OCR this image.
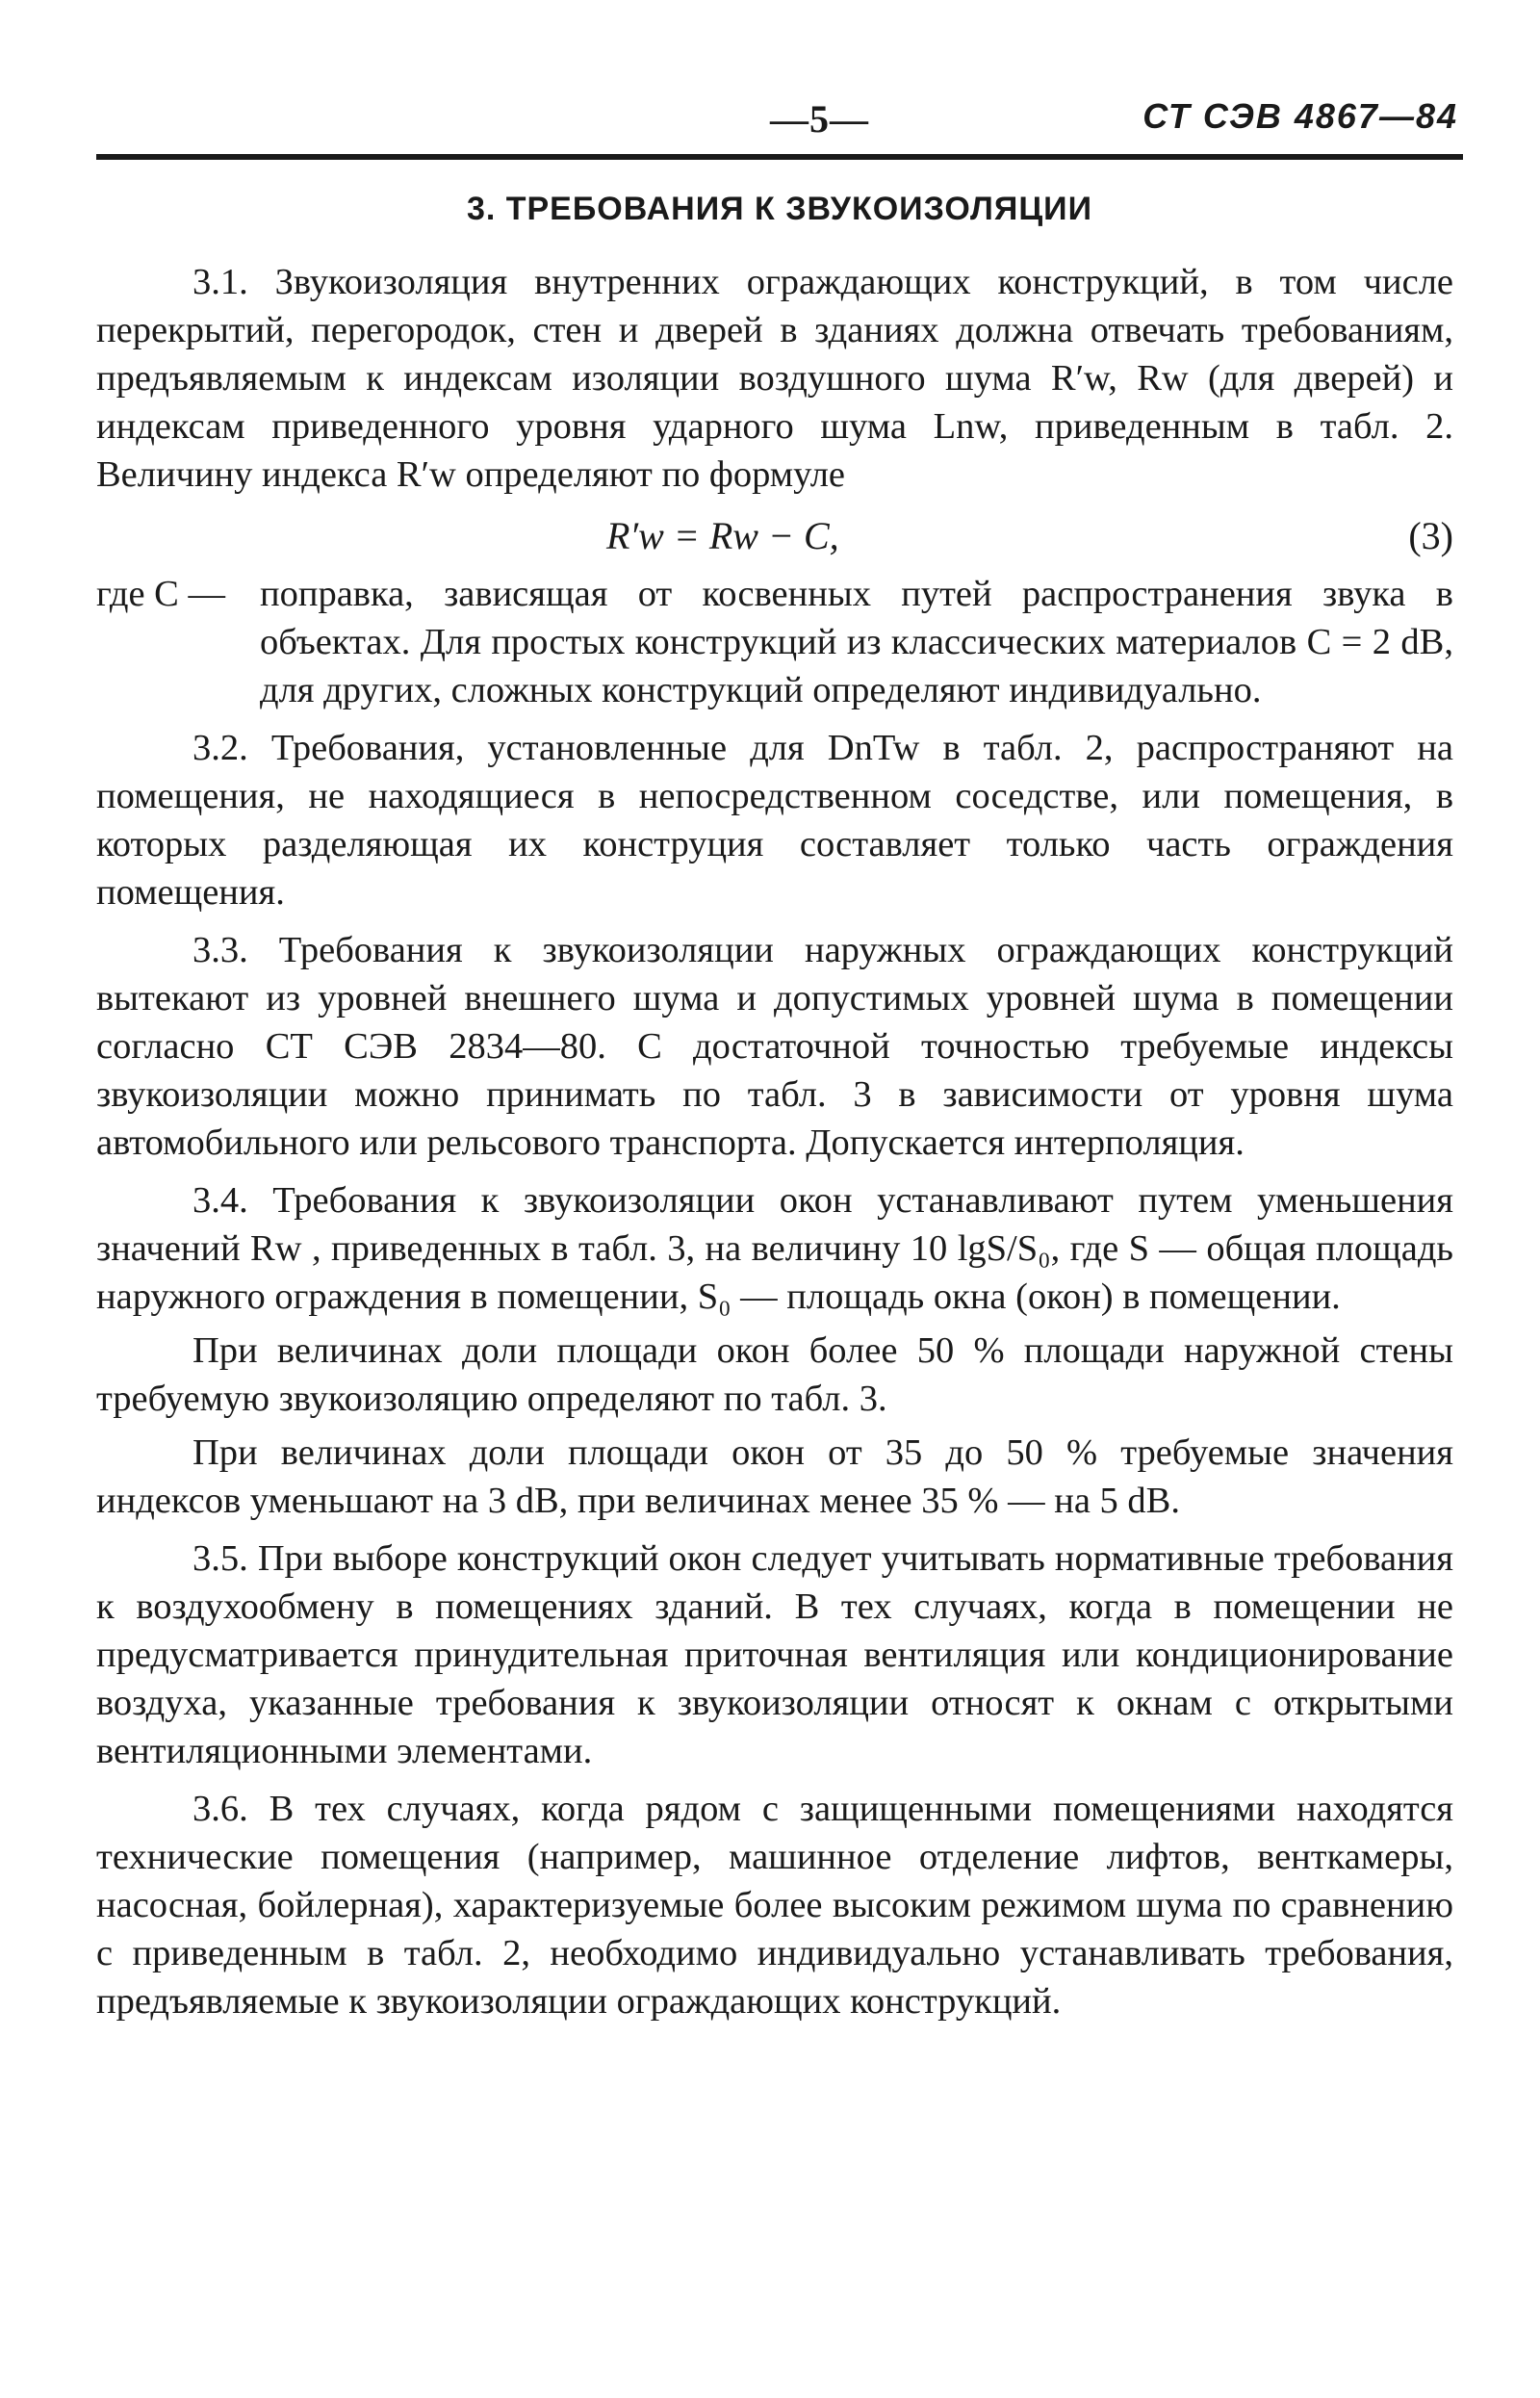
—5—	СТ СЭВ 4867—84
3. ТРЕБОВАНИЯ К ЗВУКОИЗОЛЯЦИИ

3.1. Звукоизоляция внутренних ограждающих конструкций, в том числе перекрытий, перегородок, стен и дверей в зданиях должна отвечать требованиям, предъявляемым к индексам изоляции воздушного шума R′w, Rw (для дверей) и индексам приведенного уровня ударного шума Lnw, приведенным в табл. 2. Величину индекса R′w определяют по формуле

R′w = Rw − C,	(3)
где С — поправка, зависящая от косвенных путей распространения звука в объектах. Для простых конструкций из классических материалов С = 2 dB, для других, сложных конструкций определяют индивидуально.

3.2. Требования, установленные для DnTw в табл. 2, распространяют на помещения, не находящиеся в непосредственном соседстве, или помещения, в которых разделяющая их конструция составляет только часть ограждения помещения.

3.3. Требования к звукоизоляции наружных ограждающих конструкций вытекают из уровней внешнего шума и допустимых уровней шума в помещении согласно СТ СЭВ 2834—80. С достаточной точностью требуемые индексы звукоизоляции можно принимать по табл. 3 в зависимости от уровня шума автомобильного или рельсового транспорта. Допускается интерполяция.

3.4. Требования к звукоизоляции окон устанавливают путем уменьшения значений Rw , приведенных в табл. 3, на величину 10 lgS/S₀, где S — общая площадь наружного ограждения в помещении, S₀ — площадь окна (окон) в помещении.

При величинах доли площади окон более 50 % площади наружной стены требуемую звукоизоляцию определяют по табл. 3.

При величинах доли площади окон от 35 до 50 % требуемые значения индексов уменьшают на 3 dB, при величинах менее 35 % — на 5 dB.

3.5. При выборе конструкций окон следует учитывать нормативные требования к воздухообмену в помещениях зданий. В тех случаях, когда в помещении не предусматривается принудительная приточная вентиляция или кондиционирование воздуха, указанные требования к звукоизоляции относят к окнам с открытыми вентиляционными элементами.

3.6. В тех случаях, когда рядом с защищенными помещениями находятся технические помещения (например, машинное отделение лифтов, венткамеры, насосная, бойлерная), характеризуемые более высоким режимом шума по сравнению с приведенным в табл. 2, необходимо индивидуально устанавливать требования, предъявляемые к звукоизоляции ограждающих конструкций.
